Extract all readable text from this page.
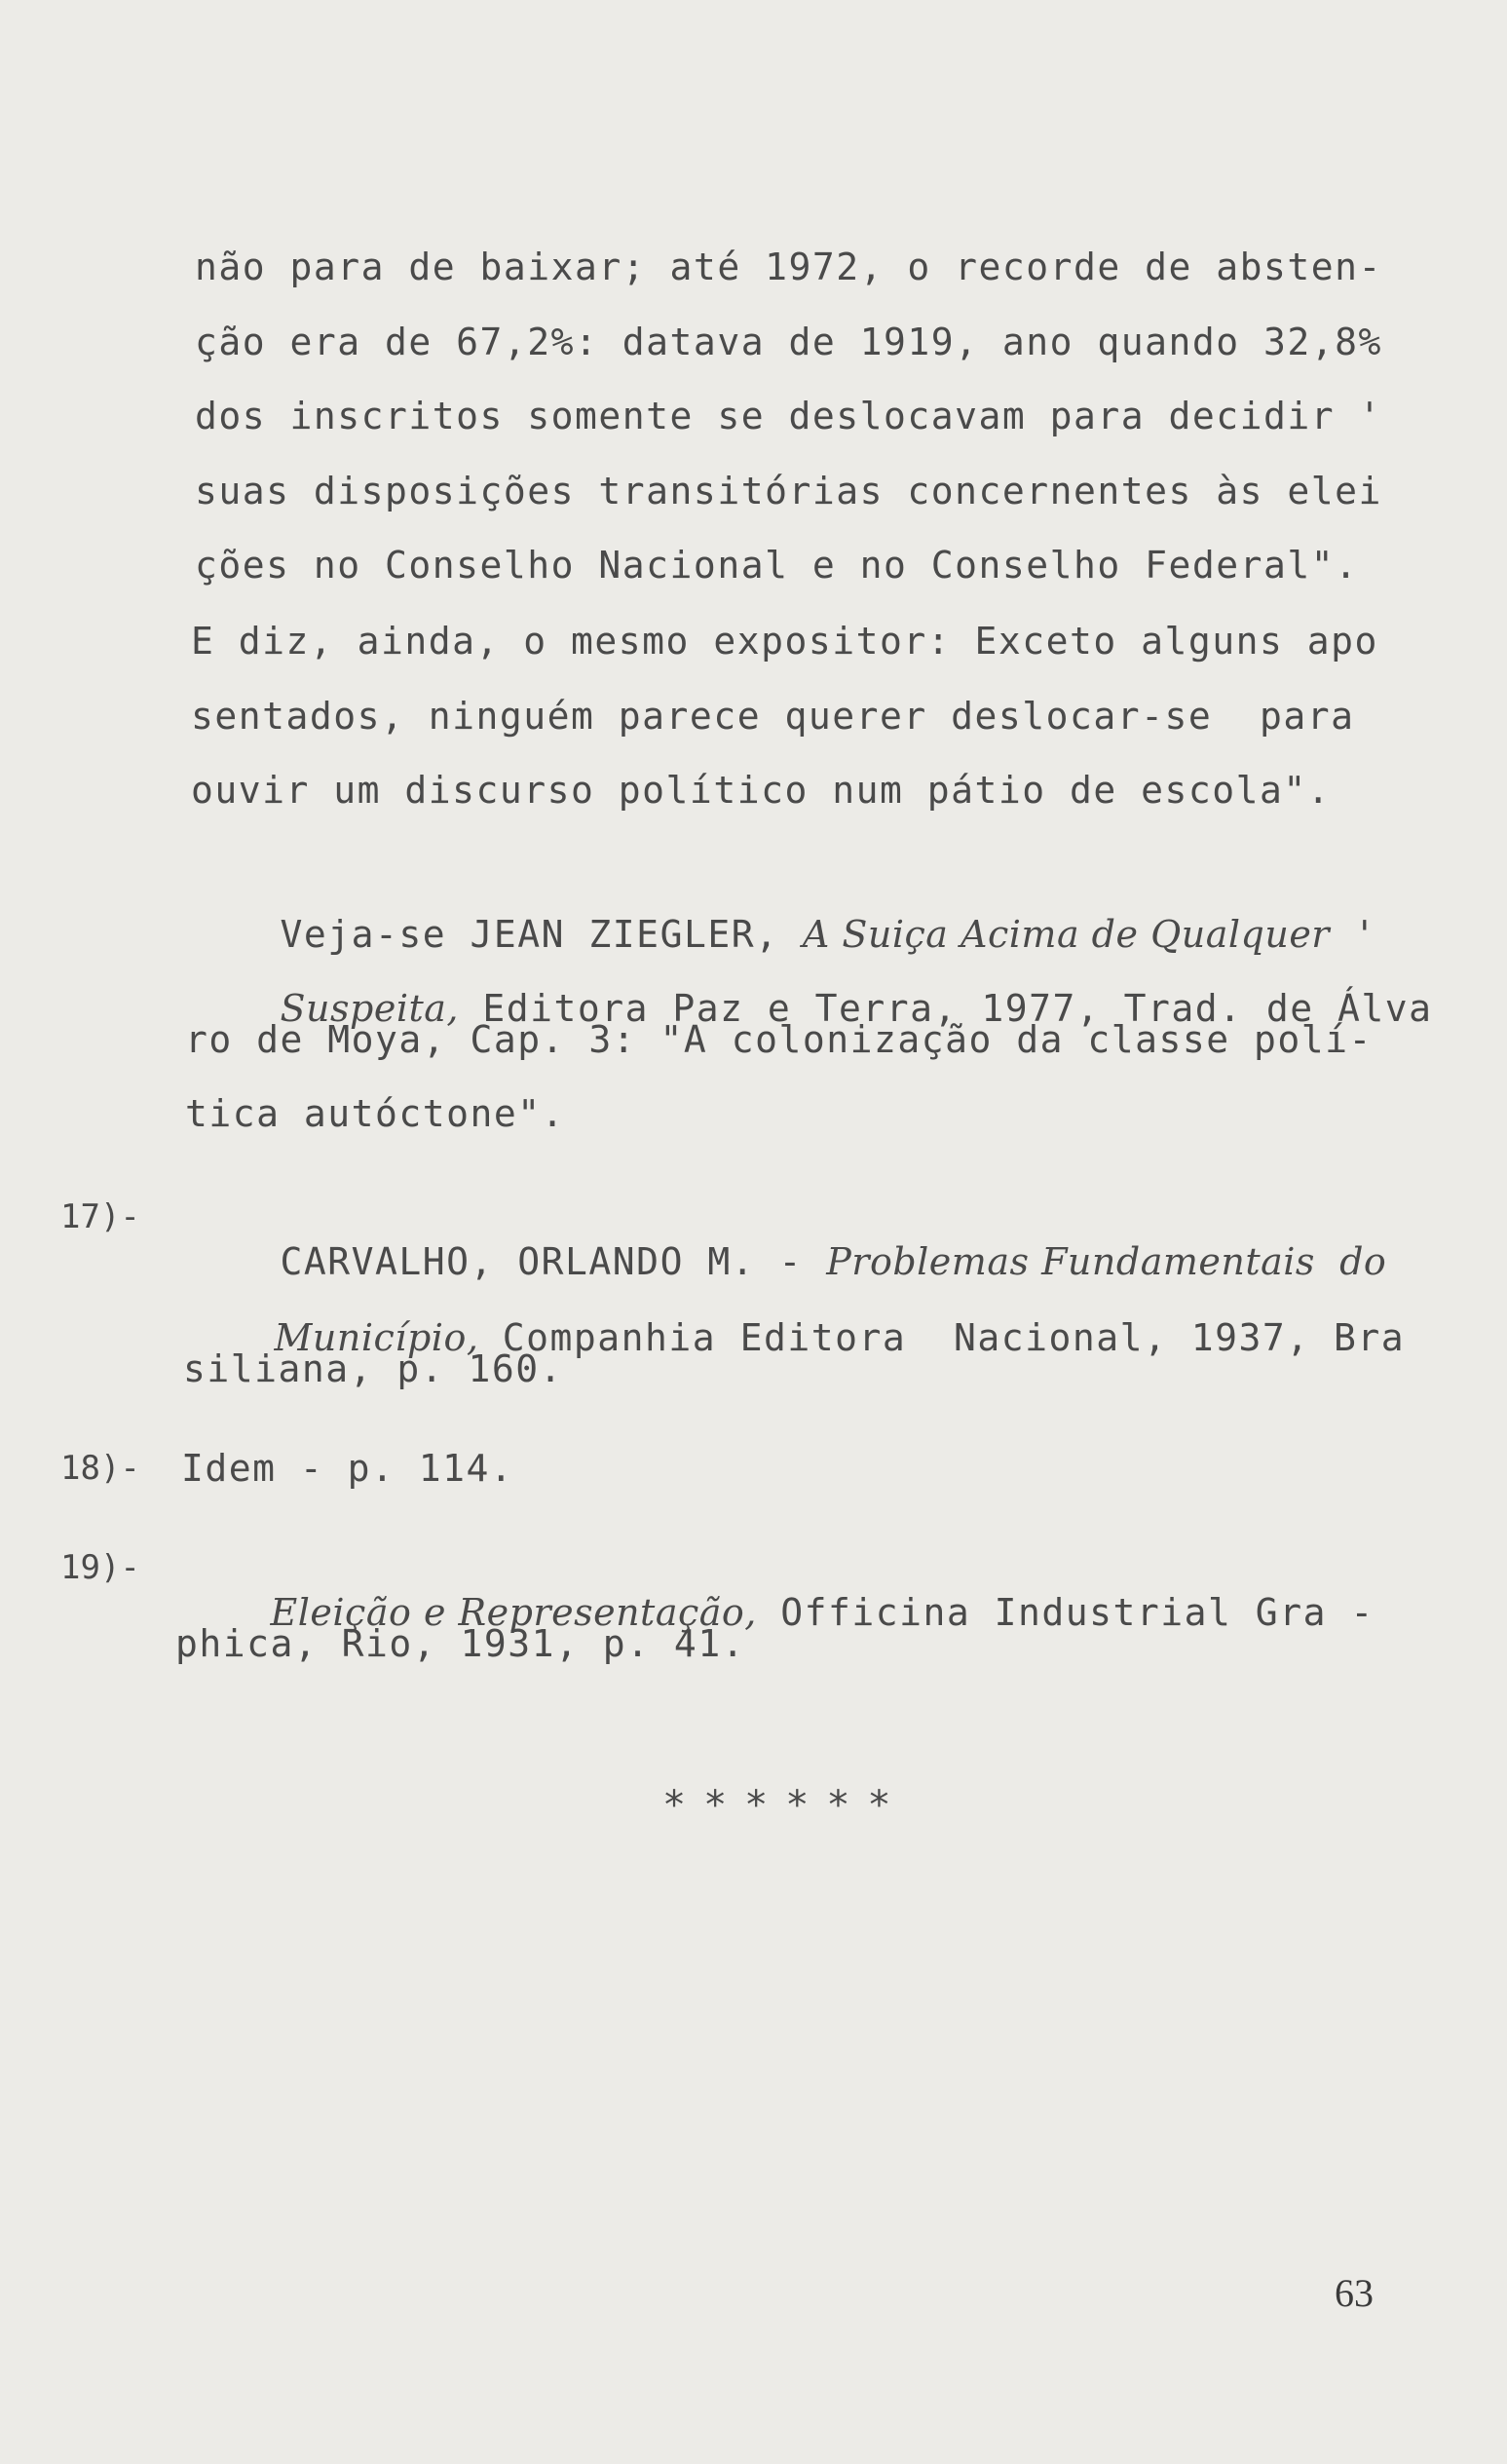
não para de baixar; até 1972, o recorde de absten-
ção era de 67,2%: datava de 1919, ano quando 32,8%
dos inscritos somente se deslocavam para decidir '
suas disposições transitórias concernentes às elei
ções no Conselho Nacional e no Conselho Federal".
E diz, ainda, o mesmo expositor: Exceto alguns apo
sentados, ninguém parece querer deslocar-se  para
ouvir um discurso político num pátio de escola".

Veja-se JEAN ZIEGLER, A Suiça Acima de Qualquer '

Suspeita, Editora Paz e Terra, 1977, Trad. de Álva

ro de Moya, Cap. 3: "A colonização da classe polí-
tica autóctone".
17)-

CARVALHO, ORLANDO M. - Problemas Fundamentais  do

Município, Companhia Editora  Nacional, 1937, Bra

siliana, p. 160.
18)- Idem - p. 114.
19)-

Eleição e Representação, Officina Industrial Gra -

phica, Rio, 1931, p. 41.
******
63
